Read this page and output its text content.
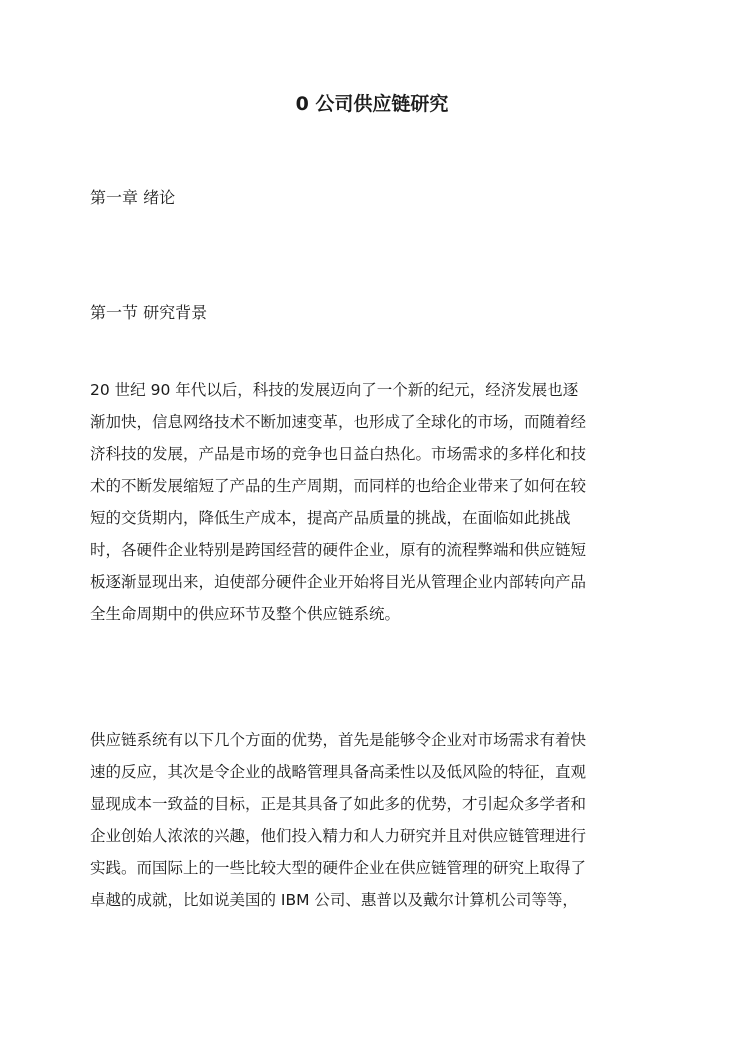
0 公司供应链研究
第一章 绪论
第一节 研究背景
20 世纪 90 年代以后，科技的发展迈向了一个新的纪元，经济发展也逐
渐加快，信息网络技术不断加速变革，也形成了全球化的市场，而随着经
济科技的发展，产品是市场的竞争也日益白热化。市场需求的多样化和技
术的不断发展缩短了产品的生产周期，而同样的也给企业带来了如何在较
短的交货期内，降低生产成本，提高产品质量的挑战，在面临如此挑战
时，各硬件企业特别是跨国经营的硬件企业，原有的流程弊端和供应链短
板逐渐显现出来，迫使部分硬件企业开始将目光从管理企业内部转向产品
全生命周期中的供应环节及整个供应链系统。
供应链系统有以下几个方面的优势，首先是能够令企业对市场需求有着快
速的反应，其次是令企业的战略管理具备高柔性以及低风险的特征，直观
显现成本一致益的目标，正是其具备了如此多的优势，才引起众多学者和
企业创始人浓浓的兴趣，他们投入精力和人力研究并且对供应链管理进行
实践。而国际上的一些比较大型的硬件企业在供应链管理的研究上取得了
卓越的成就，比如说美国的 IBM 公司、惠普以及戴尔计算机公司等等，
